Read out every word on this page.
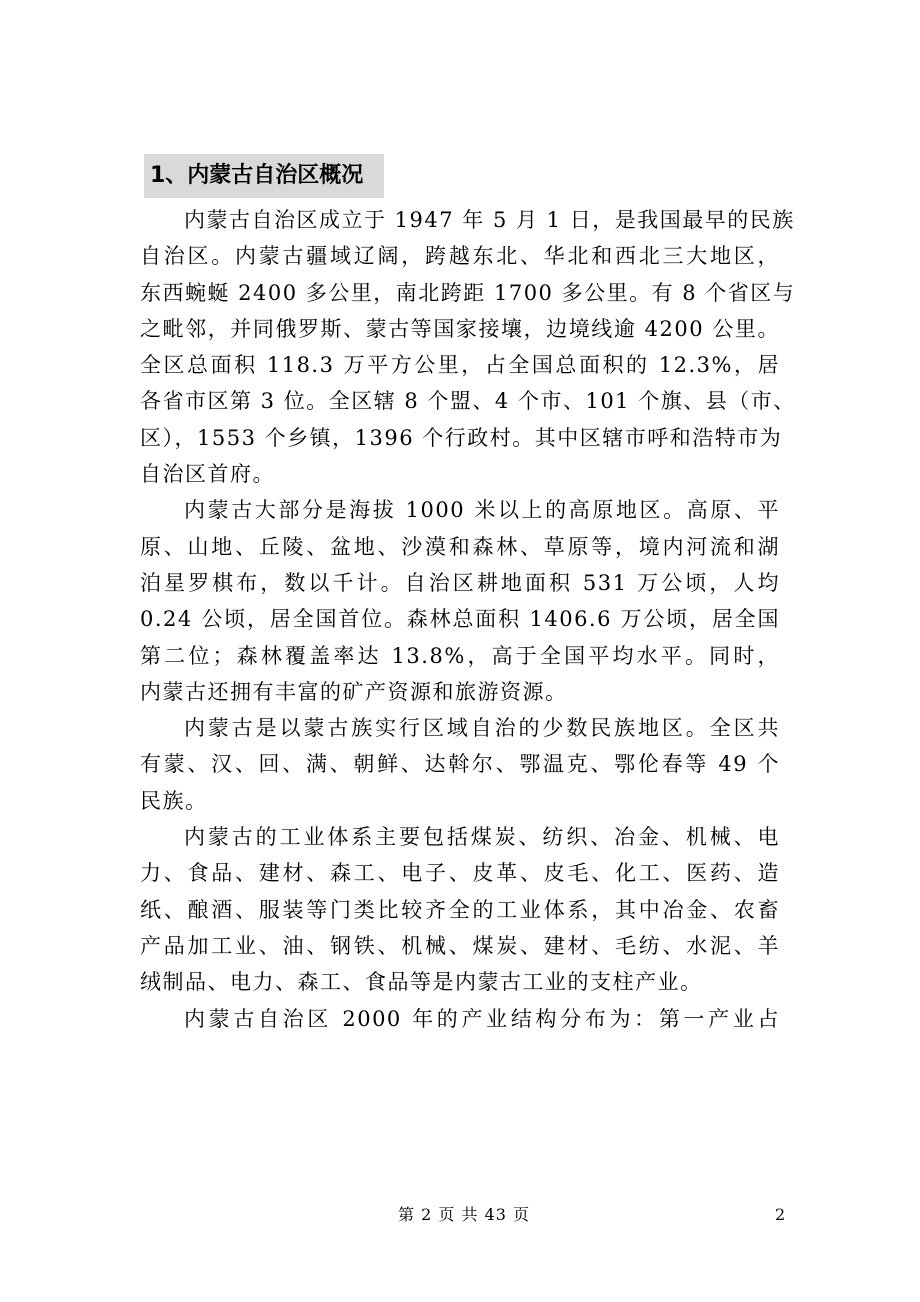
1、内蒙古自治区概况
内蒙古自治区成立于 1947 年 5 月 1 日，是我国最早的民族
自治区。内蒙古疆域辽阔，跨越东北、华北和西北三大地区，
东西蜿蜒 2400 多公里，南北跨距 1700 多公里。有 8 个省区与
之毗邻，并同俄罗斯、蒙古等国家接壤，边境线逾 4200 公里。
全区总面积 118.3 万平方公里，占全国总面积的 12.3%，居
各省市区第 3 位。全区辖 8 个盟、4 个市、101 个旗、县（市、
区），1553 个乡镇，1396 个行政村。其中区辖市呼和浩特市为
自治区首府。
内蒙古大部分是海拔 1000 米以上的高原地区。高原、平
原、山地、丘陵、盆地、沙漠和森林、草原等，境内河流和湖
泊星罗棋布，数以千计。自治区耕地面积 531 万公顷，人均
0.24 公顷，居全国首位。森林总面积 1406.6 万公顷，居全国
第二位；森林覆盖率达 13.8%，高于全国平均水平。同时，
内蒙古还拥有丰富的矿产资源和旅游资源。
内蒙古是以蒙古族实行区域自治的少数民族地区。全区共
有蒙、汉、回、满、朝鲜、达斡尔、鄂温克、鄂伦春等 49 个
民族。
内蒙古的工业体系主要包括煤炭、纺织、冶金、机械、电
力、食品、建材、森工、电子、皮革、皮毛、化工、医药、造
纸、酿酒、服装等门类比较齐全的工业体系，其中冶金、农畜
产品加工业、油、钢铁、机械、煤炭、建材、毛纺、水泥、羊
绒制品、电力、森工、食品等是内蒙古工业的支柱产业。
内蒙古自治区 2000 年的产业结构分布为：第一产业占
第 2 页 共 43 页	2
